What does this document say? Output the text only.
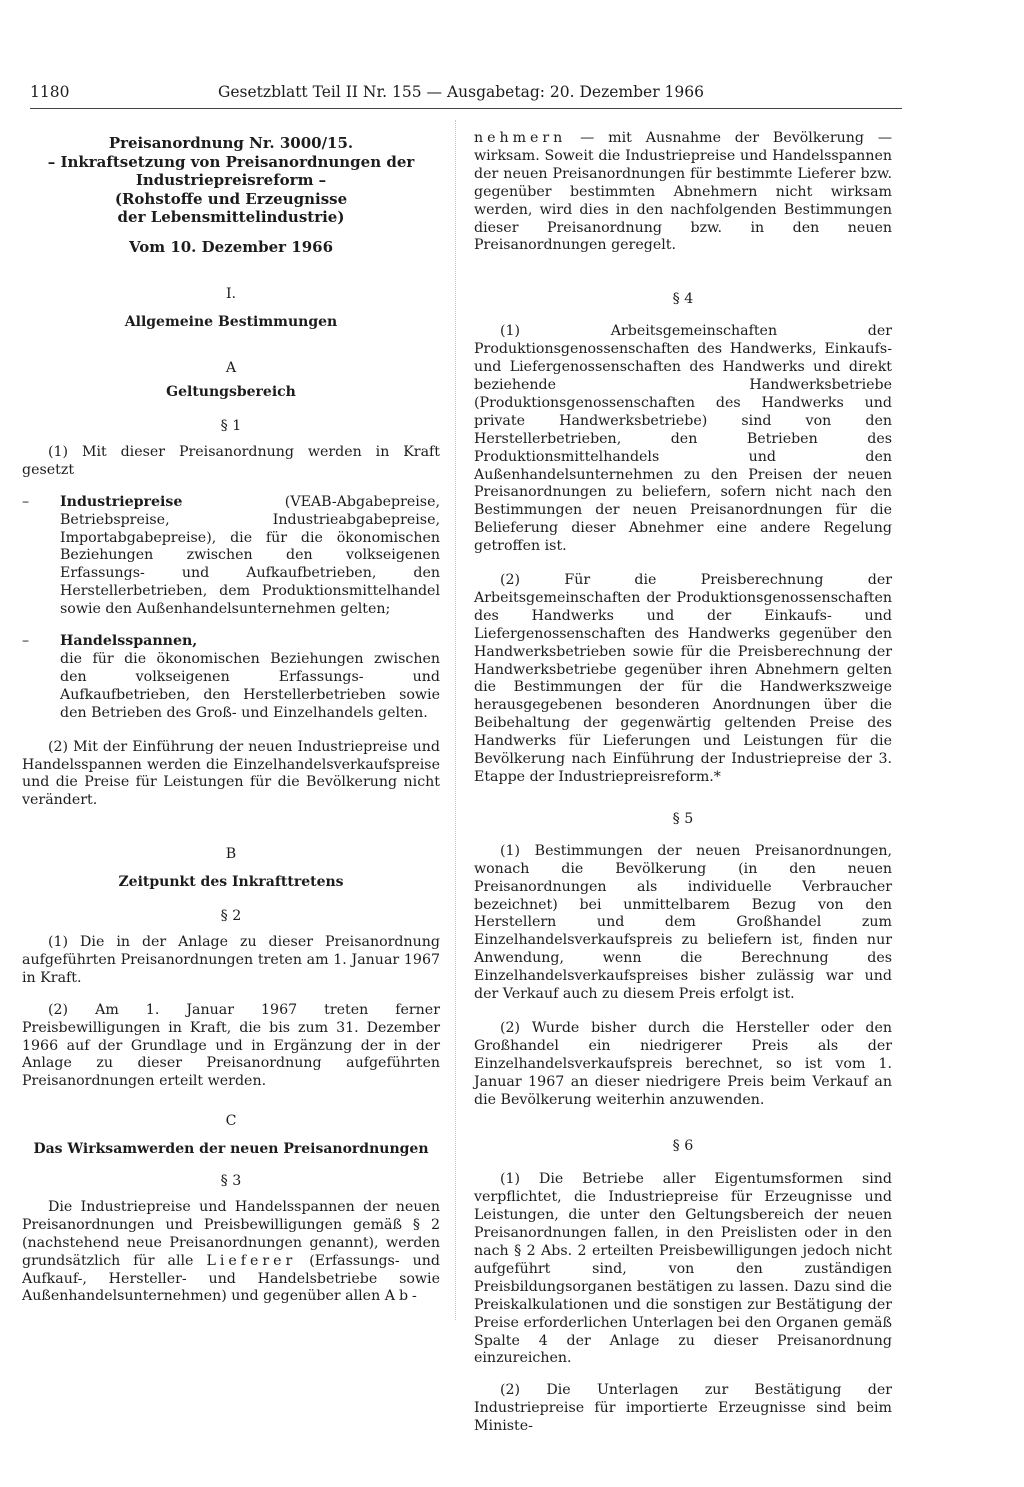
1180	Gesetzblatt Teil II Nr. 155 — Ausgabetag: 20. Dezember 1966

Preisanordnung Nr. 3000/15.

– Inkraftsetzung von Preisanordnungen der

Industriepreisreform –

(Rohstoffe und Erzeugnisse

der Lebensmittelindustrie)

Vom 10. Dezember 1966

I.

Allgemeine Bestimmungen

A

Geltungsbereich

§ 1

(1) Mit dieser Preisanordnung werden in Kraft gesetzt

– Industriepreise	(VEAB-Abgabepreise, Betriebspreise, Industrieabgabepreise, Importabgabepreise), die für die ökonomischen Beziehungen zwischen den volkseigenen Erfassungs- und Aufkaufbetrieben, den Herstellerbetrieben, dem Produktionsmittelhandel sowie den Außenhandelsunternehmen gelten;

– Handelsspannen,

die für die ökonomischen Beziehungen zwischen den volkseigenen Erfassungs- und Aufkaufbetrieben, den Herstellerbetrieben sowie den Betrieben des Groß- und Einzelhandels gelten.

(2) Mit der Einführung der neuen Industriepreise und Handelsspannen werden die Einzelhandelsverkaufspreise und die Preise für Leistungen für die Bevölkerung nicht verändert.

B

Zeitpunkt des Inkrafttretens

§ 2

(1) Die in der Anlage zu dieser Preisanordnung aufgeführten Preisanordnungen treten am 1. Januar 1967 in Kraft.

(2) Am 1. Januar 1967 treten ferner Preisbewilligungen in Kraft, die bis zum 31. Dezember 1966 auf der Grundlage und in Ergänzung der in der Anlage zu dieser Preisanordnung aufgeführten Preisanordnungen erteilt werden.

C

Das Wirksamwerden der neuen Preisanordnungen

§ 3

Die Industriepreise und Handelsspannen der neuen Preisanordnungen und Preisbewilligungen gemäß § 2 (nachstehend neue Preisanordnungen genannt), werden grundsätzlich für alle Lieferer (Erfassungs- und Aufkauf-, Hersteller- und Handelsbetriebe sowie Außenhandelsunternehmen) und gegenüber allen Ab-

nehmern — mit Ausnahme der Bevölkerung — wirksam. Soweit die Industriepreise und Handelsspannen der neuen Preisanordnungen für bestimmte Lieferer bzw. gegenüber bestimmten Abnehmern nicht wirksam werden, wird dies in den nachfolgenden Bestimmungen dieser Preisanordnung bzw. in den neuen Preisanordnungen geregelt.

§ 4

(1) Arbeitsgemeinschaften der Produktionsgenossenschaften des Handwerks, Einkaufs- und Liefergenossenschaften des Handwerks und direkt beziehende Handwerksbetriebe (Produktionsgenossenschaften des Handwerks und private Handwerksbetriebe) sind von den Herstellerbetrieben, den Betrieben des Produktionsmittelhandels und den Außenhandelsunternehmen zu den Preisen der neuen Preisanordnungen zu beliefern, sofern nicht nach den Bestimmungen der neuen Preisanordnungen für die Belieferung dieser Abnehmer eine andere Regelung getroffen ist.

(2) Für die Preisberechnung der Arbeitsgemeinschaften der Produktionsgenossenschaften des Handwerks und der Einkaufs- und Liefergenossenschaften des Handwerks gegenüber den Handwerksbetrieben sowie für die Preisberechnung der Handwerksbetriebe gegenüber ihren Abnehmern gelten die Bestimmungen der für die Handwerkszweige herausgegebenen besonderen Anordnungen über die Beibehaltung der gegenwärtig geltenden Preise des Handwerks für Lieferungen und Leistungen für die Bevölkerung nach Einführung der Industriepreise der 3. Etappe der Industriepreisreform.*

§ 5

(1) Bestimmungen der neuen Preisanordnungen, wonach die Bevölkerung (in den neuen Preisanordnungen als individuelle Verbraucher bezeichnet) bei unmittelbarem Bezug von den Herstellern und dem Großhandel zum Einzelhandelsverkaufspreis zu beliefern ist, finden nur Anwendung, wenn die Berechnung des Einzelhandelsverkaufspreises bisher zulässig war und der Verkauf auch zu diesem Preis erfolgt ist.

(2) Wurde bisher durch die Hersteller oder den Großhandel ein niedrigerer Preis als der Einzelhandelsverkaufspreis berechnet, so ist vom 1. Januar 1967 an dieser niedrigere Preis beim Verkauf an die Bevölkerung weiterhin anzuwenden.

§ 6

(1) Die Betriebe aller Eigentumsformen sind verpflichtet, die Industriepreise für Erzeugnisse und Leistungen, die unter den Geltungsbereich der neuen Preisanordnungen fallen, in den Preislisten oder in den nach § 2 Abs. 2 erteilten Preisbewilligungen jedoch nicht aufgeführt sind, von den zuständigen Preisbildungsorganen bestätigen zu lassen. Dazu sind die Preiskalkulationen und die sonstigen zur Bestätigung der Preise erforderlichen Unterlagen bei den Organen gemäß Spalte 4 der Anlage zu dieser Preisanordnung einzureichen.

(2) Die Unterlagen zur Bestätigung der Industriepreise für importierte Erzeugnisse sind beim Ministe-
